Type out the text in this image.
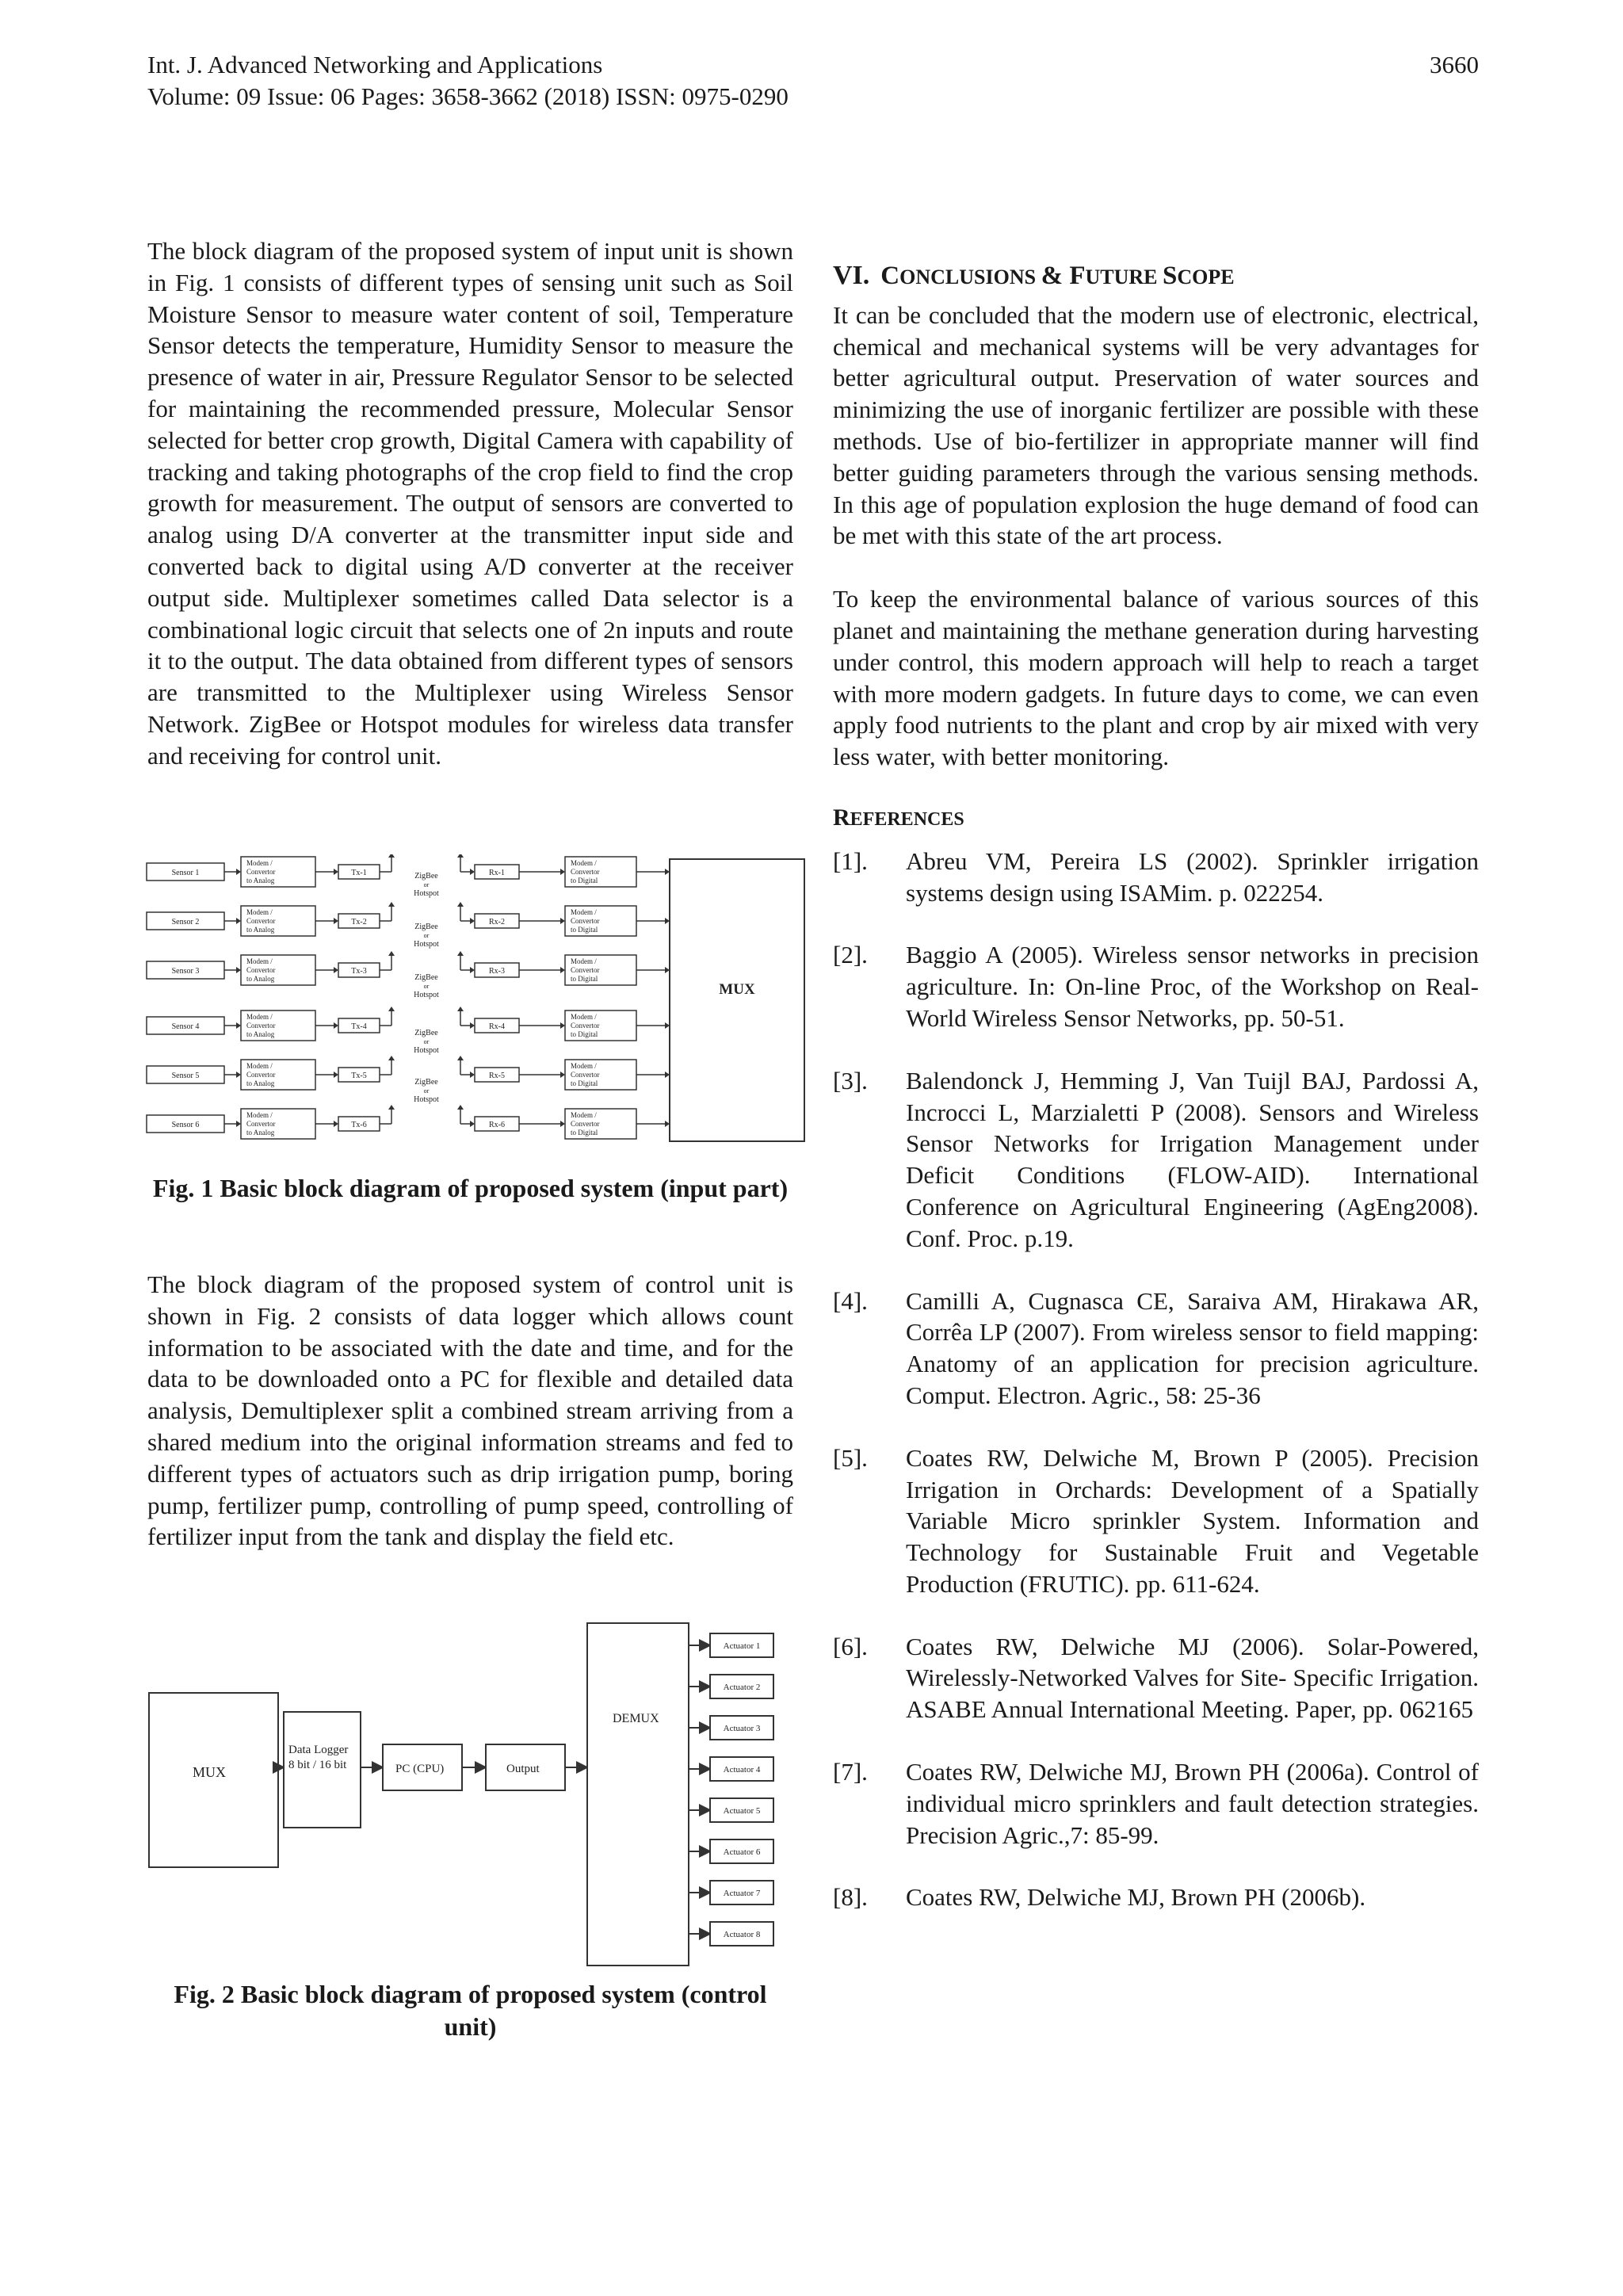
Int. J. Advanced Networking and Applications
Volume: 09 Issue: 06 Pages: 3658-3662 (2018) ISSN: 0975-0290
3660

The block diagram of the proposed system of input unit is shown in Fig. 1 consists of different types of sensing unit such as Soil Moisture Sensor to measure water content of soil, Temperature Sensor detects the temperature, Humidity Sensor to measure the presence of water in air, Pressure Regulator Sensor to be selected for maintaining the recommended pressure, Molecular Sensor selected for better crop growth, Digital Camera with capability of tracking and taking photographs of the crop field to find the crop growth for measurement. The output of sensors are converted to analog using D/A converter at the transmitter input side and converted back to digital using A/D converter at the receiver output side. Multiplexer sometimes called Data selector is a combinational logic circuit that selects one of 2n inputs and route it to the output. The data obtained from different types of sensors are transmitted to the Multiplexer using Wireless Sensor Network. ZigBee or Hotspot modules for wireless data transfer and receiving for control unit.

Sensor 1
Modem /
Convertor
to Analog
Tx-1	Rx-1
Modem /
Convertor
to Digital
Sensor 2
Modem /
Convertor
to Analog
Tx-2	Rx-2
Modem /
Convertor
to Digital
Sensor 3
Modem /
Convertor
to Analog
Tx-3	Rx-3
Modem /
Convertor
to Digital
Sensor 4
Modem /
Convertor
to Analog
Tx-4	Rx-4
Modem /
Convertor
to Digital
Sensor 5
Modem /
Convertor
to Analog
Tx-5	Rx-5
Modem /
Convertor
to Digital
Sensor 6
Modem /
Convertor
to Analog
Tx-6	Rx-6
Modem /
Convertor
to Digital
ZigBee
or
Hotspot
ZigBee
or
Hotspot
ZigBee
or
Hotspot
ZigBee
or
Hotspot
ZigBee
or
Hotspot
MUX
Fig. 1 Basic block diagram of proposed system (input part)

The block diagram of the proposed system of control unit is shown in Fig. 2 consists of data logger which allows count information to be associated with the date and time, and for the data to be downloaded onto a PC for flexible and detailed data analysis, Demultiplexer split a combined stream arriving from a shared medium into the original information streams and fed to different types of actuators such as drip irrigation pump, boring pump, fertilizer pump, controlling of pump speed, controlling of fertilizer input from the tank and display the field etc.

MUX
Data Logger
8 bit / 16 bit	PC (CPU)	Output
DEMUX
Actuator 1
Actuator 2
Actuator 3
Actuator 4
Actuator 5
Actuator 6
Actuator 7
Actuator 8
Fig. 2 Basic block diagram of proposed system (control unit)
VI. CONCLUSIONS & FUTURE SCOPE

It can be concluded that the modern use of electronic, electrical, chemical and mechanical systems will be very advantages for better agricultural output. Preservation of water sources and minimizing the use of inorganic fertilizer are possible with these methods. Use of bio-fertilizer in appropriate manner will find better guiding parameters through the various sensing methods. In this age of population explosion the huge demand of food can be met with this state of the art process.

To keep the environmental balance of various sources of this planet and maintaining the methane generation during harvesting under control, this modern approach will help to reach a target with more modern gadgets. In future days to come, we can even apply food nutrients to the plant and crop by air mixed with very less water, with better monitoring.

REFERENCES

[1]. Abreu VM, Pereira LS (2002). Sprinkler irrigation systems design using ISAMim. p. 022254.

[2]. Baggio A (2005). Wireless sensor networks in precision agriculture. In: On-line Proc, of the Workshop on Real-World Wireless Sensor Networks, pp. 50-51.

[3]. Balendonck J, Hemming J, Van Tuijl BAJ, Pardossi A, Incrocci L, Marzialetti P (2008). Sensors and Wireless Sensor Networks for Irrigation Management under Deficit Conditions (FLOW-AID). International Conference on Agricultural Engineering (AgEng2008). Conf. Proc. p.19.

[4]. Camilli A, Cugnasca CE, Saraiva AM, Hirakawa AR, Corrêa LP (2007). From wireless sensor to field mapping: Anatomy of an application for precision agriculture. Comput. Electron. Agric., 58: 25-36

[5]. Coates RW, Delwiche M, Brown P (2005). Precision Irrigation in Orchards: Development of a Spatially Variable Micro sprinkler System. Information and Technology for Sustainable Fruit and Vegetable Production (FRUTIC). pp. 611-624.

[6]. Coates RW, Delwiche MJ (2006). Solar-Powered, Wirelessly-Networked Valves for Site- Specific Irrigation. ASABE Annual International Meeting. Paper, pp. 062165

[7]. Coates RW, Delwiche MJ, Brown PH (2006a). Control of individual micro sprinklers and fault detection strategies. Precision Agric.,7: 85-99.

[8]. Coates RW, Delwiche MJ, Brown PH (2006b).
